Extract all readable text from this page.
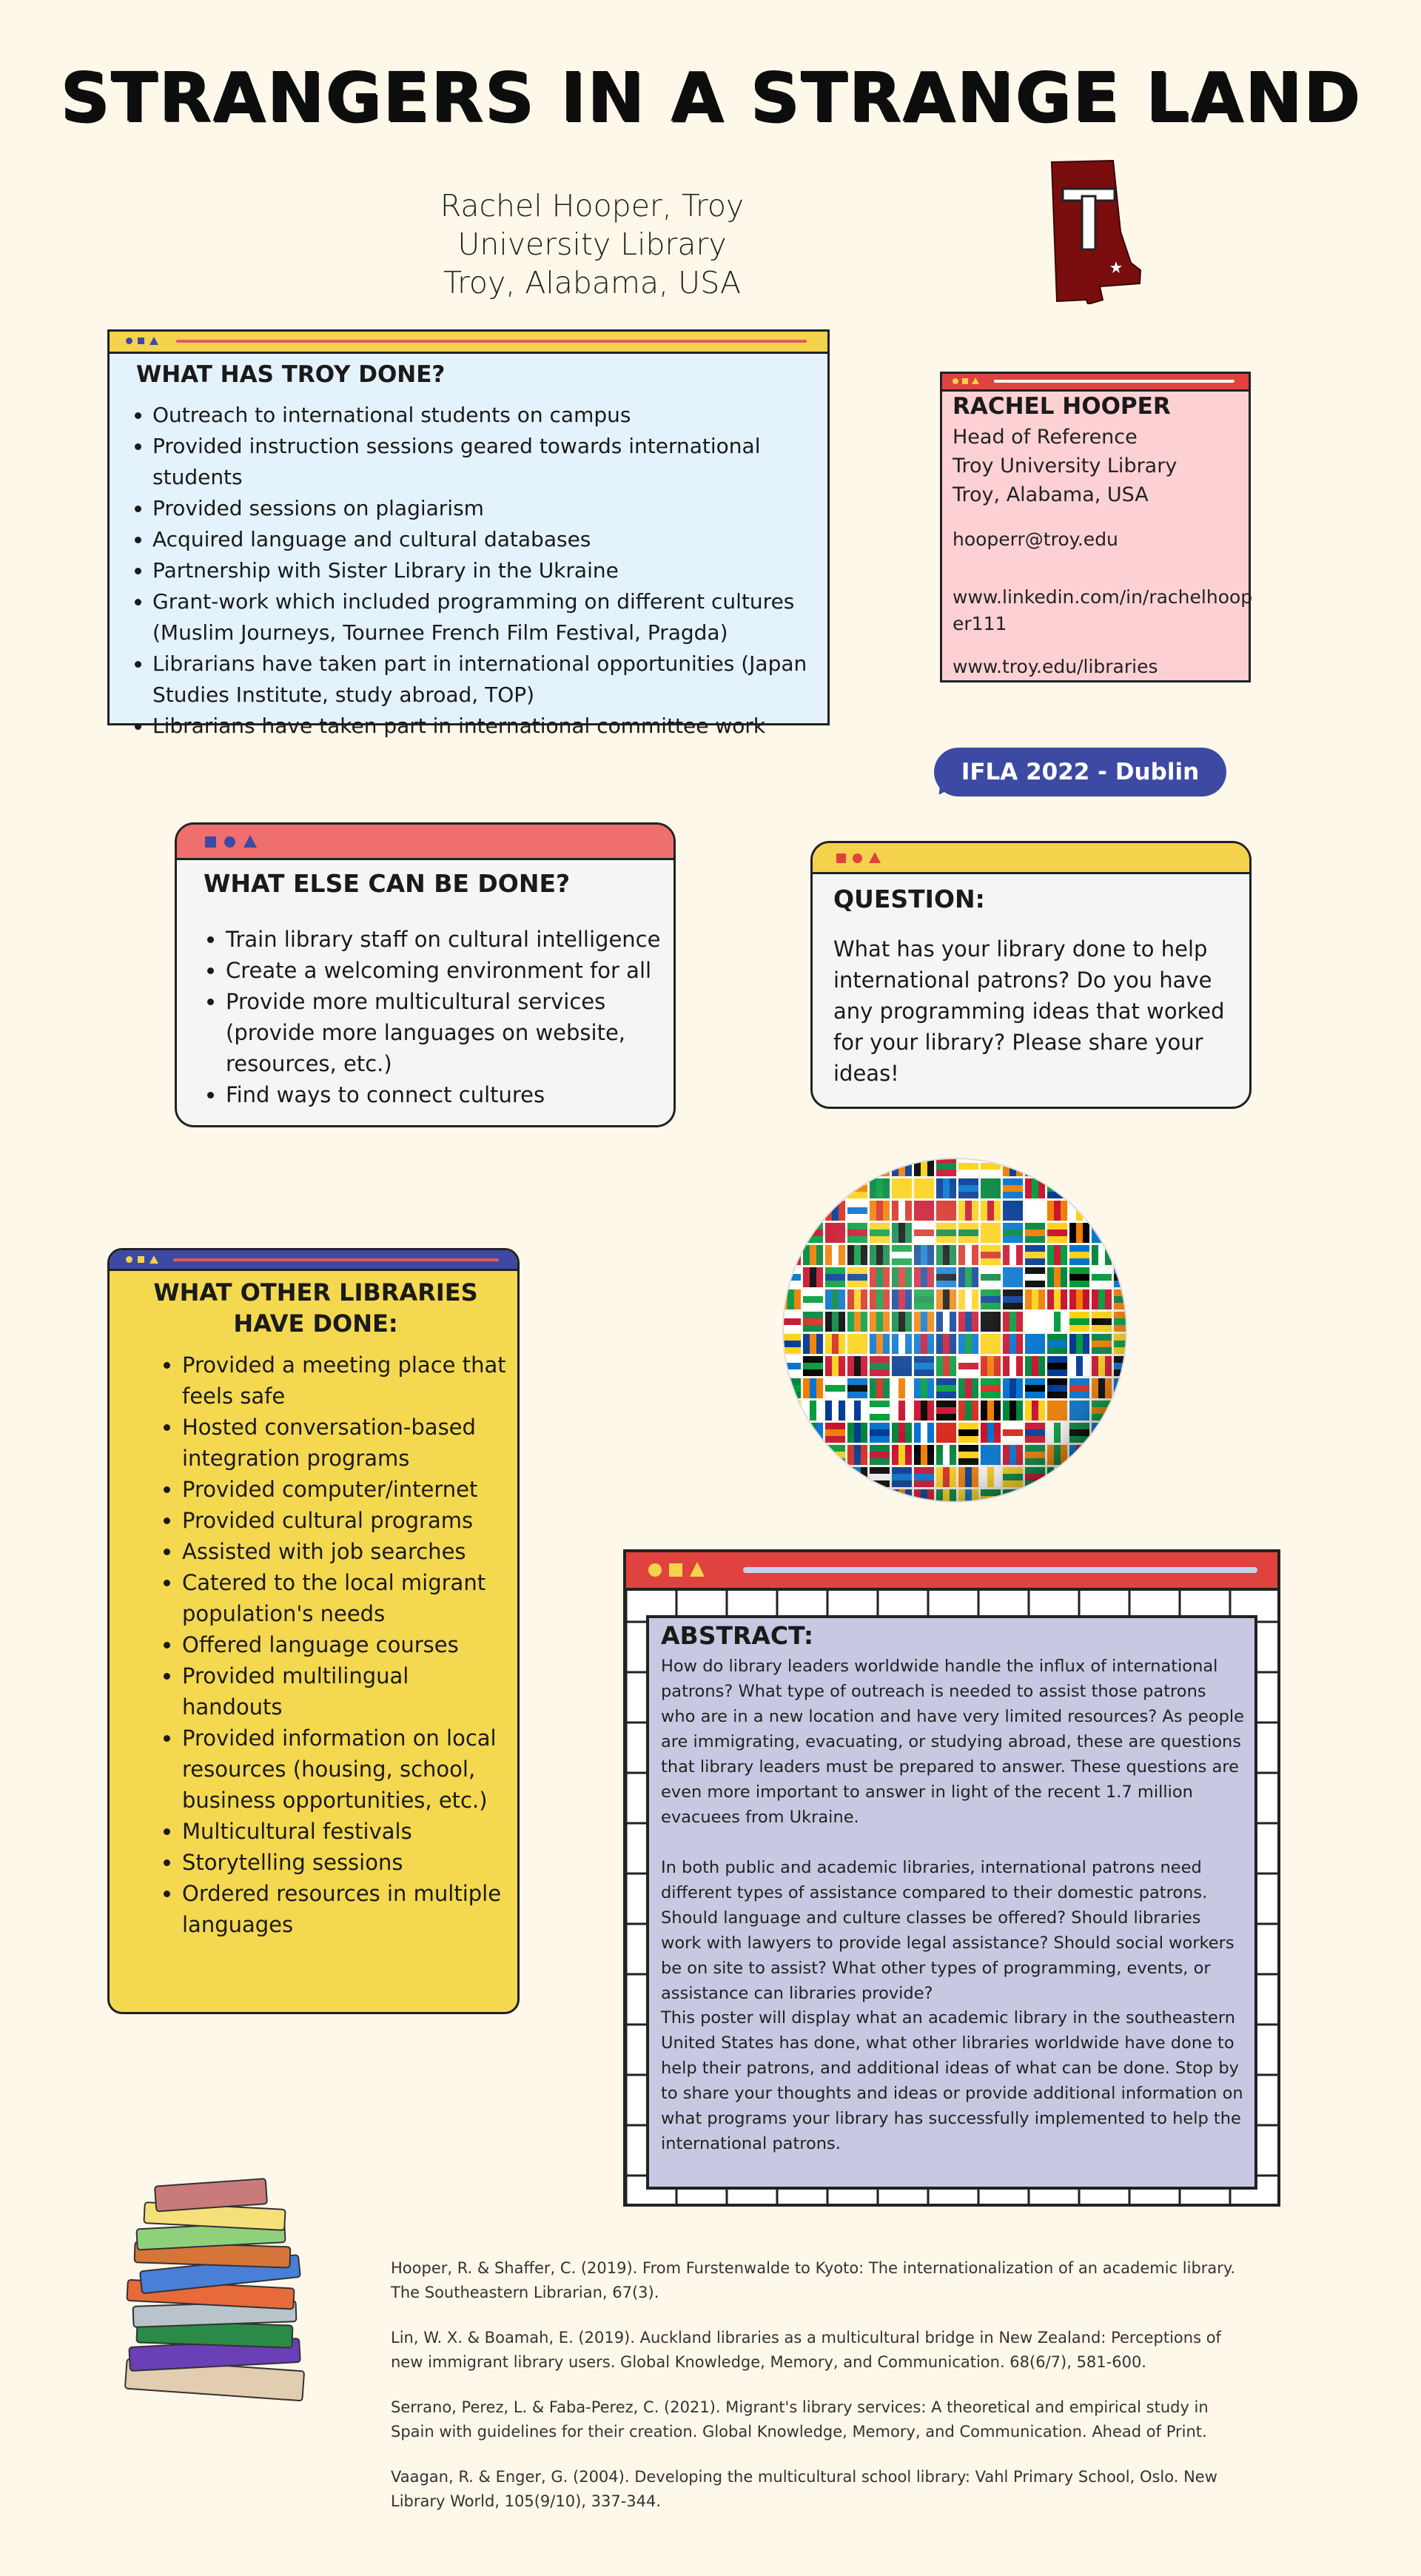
STRANGERS IN A STRANGE LAND
Rachel Hooper, Troy University Library
Troy, Alabama, USA
WHAT HAS TROY DONE?
• Outreach to international students on campus
• Provided instruction sessions geared towards international students
• Provided sessions on plagiarism
• Acquired language and cultural databases
• Partnership with Sister Library in the Ukraine
• Grant-work which included programming on different cultures (Muslim Journeys, Tournee French Film Festival, Pragda)
• Librarians have taken part in international opportunities (Japan Studies Institute, study abroad, TOP)
• Librarians have taken part in international committee work
RACHEL HOOPER
Head of Reference
Troy University Library
Troy, Alabama, USA
hooperr@troy.edu
www.linkedin.com/in/rachelhoop
er111
www.troy.edu/libraries
IFLA 2022 - Dublin
WHAT ELSE CAN BE DONE?
• Train library staff on cultural intelligence
• Create a welcoming environment for all
• Provide more multicultural services (provide more languages on website, resources, etc.)
• Find ways to connect cultures
QUESTION:

What has your library done to help international patrons? Do you have any programming ideas that worked for your library? Please share your ideas!

WHAT OTHER LIBRARIES
HAVE DONE:
• Provided a meeting place that feels safe
• Hosted conversation-based integration programs
• Provided computer/internet
• Provided cultural programs
• Assisted with job searches
• Catered to the local migrant population's needs
• Offered language courses
• Provided multilingual handouts
• Provided information on local resources (housing, school, business opportunities, etc.)
• Multicultural festivals
• Storytelling sessions
• Ordered resources in multiple languages
ABSTRACT:
How do library leaders worldwide handle the influx of international patrons? What type of outreach is needed to assist those patrons who are in a new location and have very limited resources? As people are immigrating, evacuating, or studying abroad, these are questions that library leaders must be prepared to answer. These questions are even more important to answer in light of the recent 1.7 million evacuees from Ukraine.
In both public and academic libraries, international patrons need different types of assistance compared to their domestic patrons. Should language and culture classes be offered? Should libraries work with lawyers to provide legal assistance? Should social workers be on site to assist? What other types of programming, events, or assistance can libraries provide?
This poster will display what an academic library in the southeastern United States has done, what other libraries worldwide have done to help their patrons, and additional ideas of what can be done. Stop by to share your thoughts and ideas or provide additional information on what programs your library has successfully implemented to help the international patrons.
Hooper, R. & Shaffer, C. (2019). From Furstenwalde to Kyoto: The internationalization of an academic library. The Southeastern Librarian, 67(3).
Lin, W. X. & Boamah, E. (2019). Auckland libraries as a multicultural bridge in New Zealand: Perceptions of new immigrant library users. Global Knowledge, Memory, and Communication. 68(6/7), 581-600.
Serrano, Perez, L. & Faba-Perez, C. (2021). Migrant's library services: A theoretical and empirical study in Spain with guidelines for their creation. Global Knowledge, Memory, and Communication. Ahead of Print.
Vaagan, R. & Enger, G. (2004). Developing the multicultural school library: Vahl Primary School, Oslo. New Library World, 105(9/10), 337-344.
